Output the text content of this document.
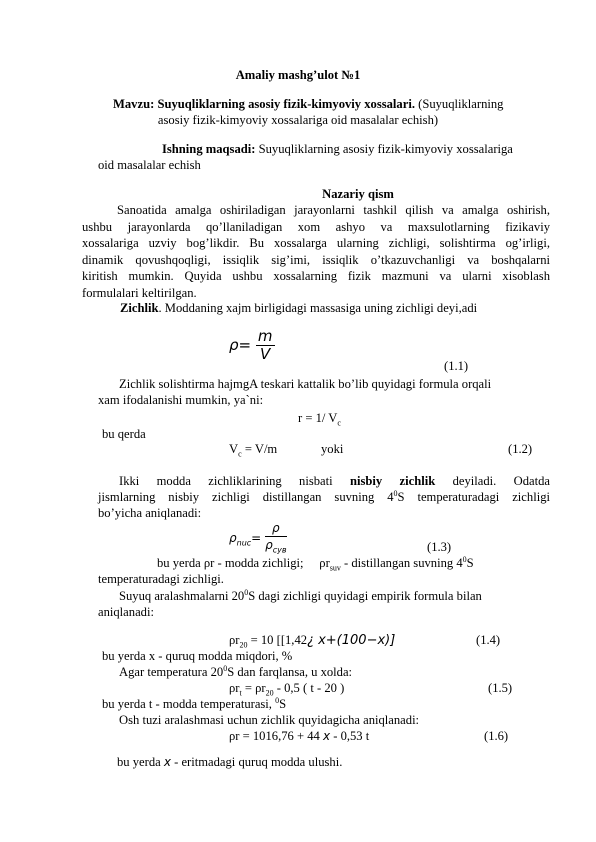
Amaliy mashg’ulot №1
Mavzu: Suyuqliklarning asosiy fizik-kimyoviy xossalari. (Suyuqliklarning
asosiy fizik-kimyoviy xossalariga oid masalalar echish)
Ishning maqsadi: Suyuqliklarning asosiy fizik-kimyoviy xossalariga
oid masalalar echish
Nazariy qism
Sanoatida amalga oshiriladigan jarayonlarni tashkil qilish va amalga oshirish,
ushbu jarayonlarda qo’llaniladigan xom ashyo va maxsulotlarning fizikaviy
xossalariga uzviy bog’likdir. Bu xossalarga ularning zichligi, solishtirma og’irligi,
dinamik qovushqoqligi, issiqlik sig’imi, issiqlik o’tkazuvchanligi va boshqalarni
kiritish mumkin. Quyida ushbu xossalarning fizik mazmuni va ularni xisoblash
formulalari keltirilgan.
Zichlik. Moddaning xajm birligidagi massasiga uning zichligi deyi,adi
$\rho= \frac{m}{V}$
(1.1)
Zichlik solishtirma hajmgA teskari kattalik bo’lib quyidagi formula orqali
xam ifodalanishi mumkin, ya`ni:
r = 1/ $V_c$
bu qerda
$V_c = V/m$	yoki	(1.2)
Ikki modda zichliklarining nisbati nisbiy zichlik deyiladi. Odatda
jismlarning nisbiy zichligi distillangan suvning $4^0S$ temperaturadagi zichligi
bo’yicha aniqlanadi:
$\rho_{nuc}=$
ρ
$\rho_{сув}$	(1.3)
bu yerda ρr - modda zichligi; $\rho r_{suv}$ - distillangan suvning $4^0S$
temperaturadagi zichligi.
Suyuq aralashmalarni $20^0S$ dagi zichligi quyidagi empirik formula bilan
aniqlanadi:
$\rho r_{20} = 10$ [[1,42¿ x+(100−x)]	(1.4)
bu yerda x - quruq modda miqdori, %
Agar temperatura $20^0S$ dan farqlansa, u xolda:
$\rho r_t = \rho r_{20} - 0,5$ ( t - 20 )	(1.5)
bu yerda t - modda temperaturasi, $^0$S
Osh tuzi aralashmasi uchun zichlik quyidagicha aniqlanadi:
ρr = 1016,76 + 44 x - 0,53 t	(1.6)
bu yerda x - eritmadagi quruq modda ulushi.
